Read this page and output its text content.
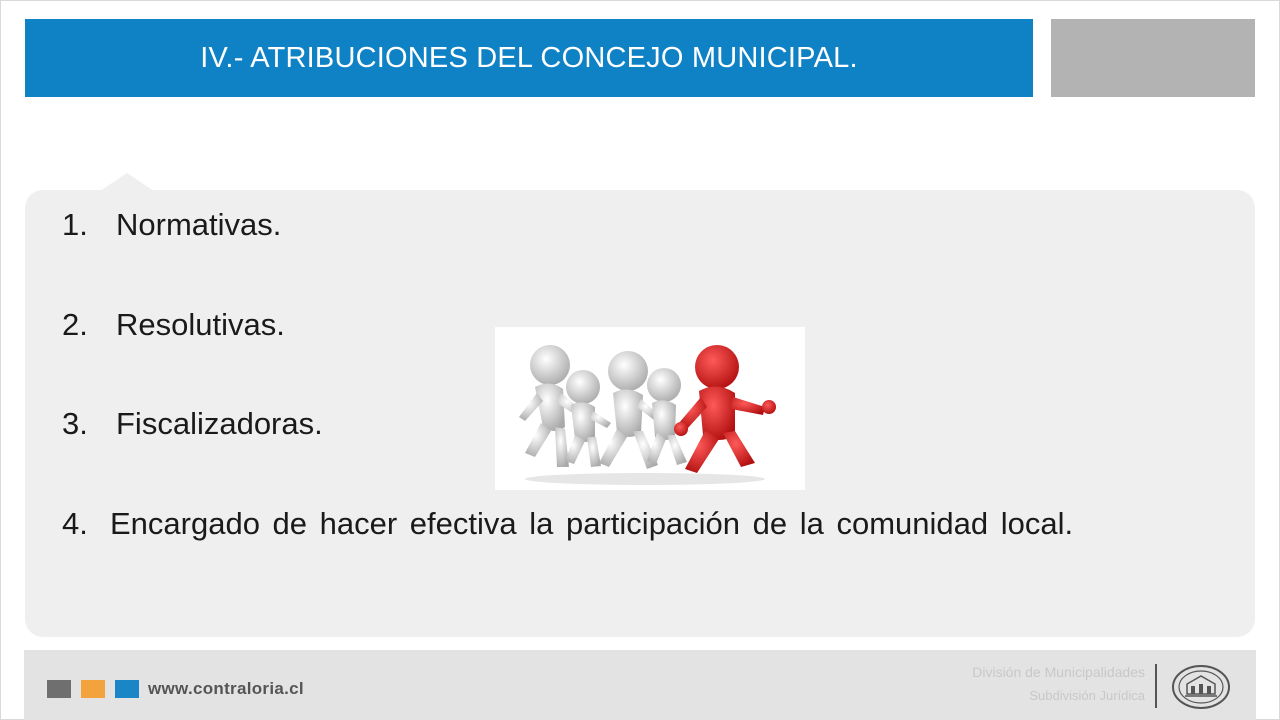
IV.- ATRIBUCIONES DEL CONCEJO MUNICIPAL.
1. Normativas.
2. Resolutivas.
3. Fiscalizadoras.
4. Encargado de hacer efectiva la participación de la comunidad local.
www.contraloria.cl
División de Municipalidades
Subdivisión Jurídica
